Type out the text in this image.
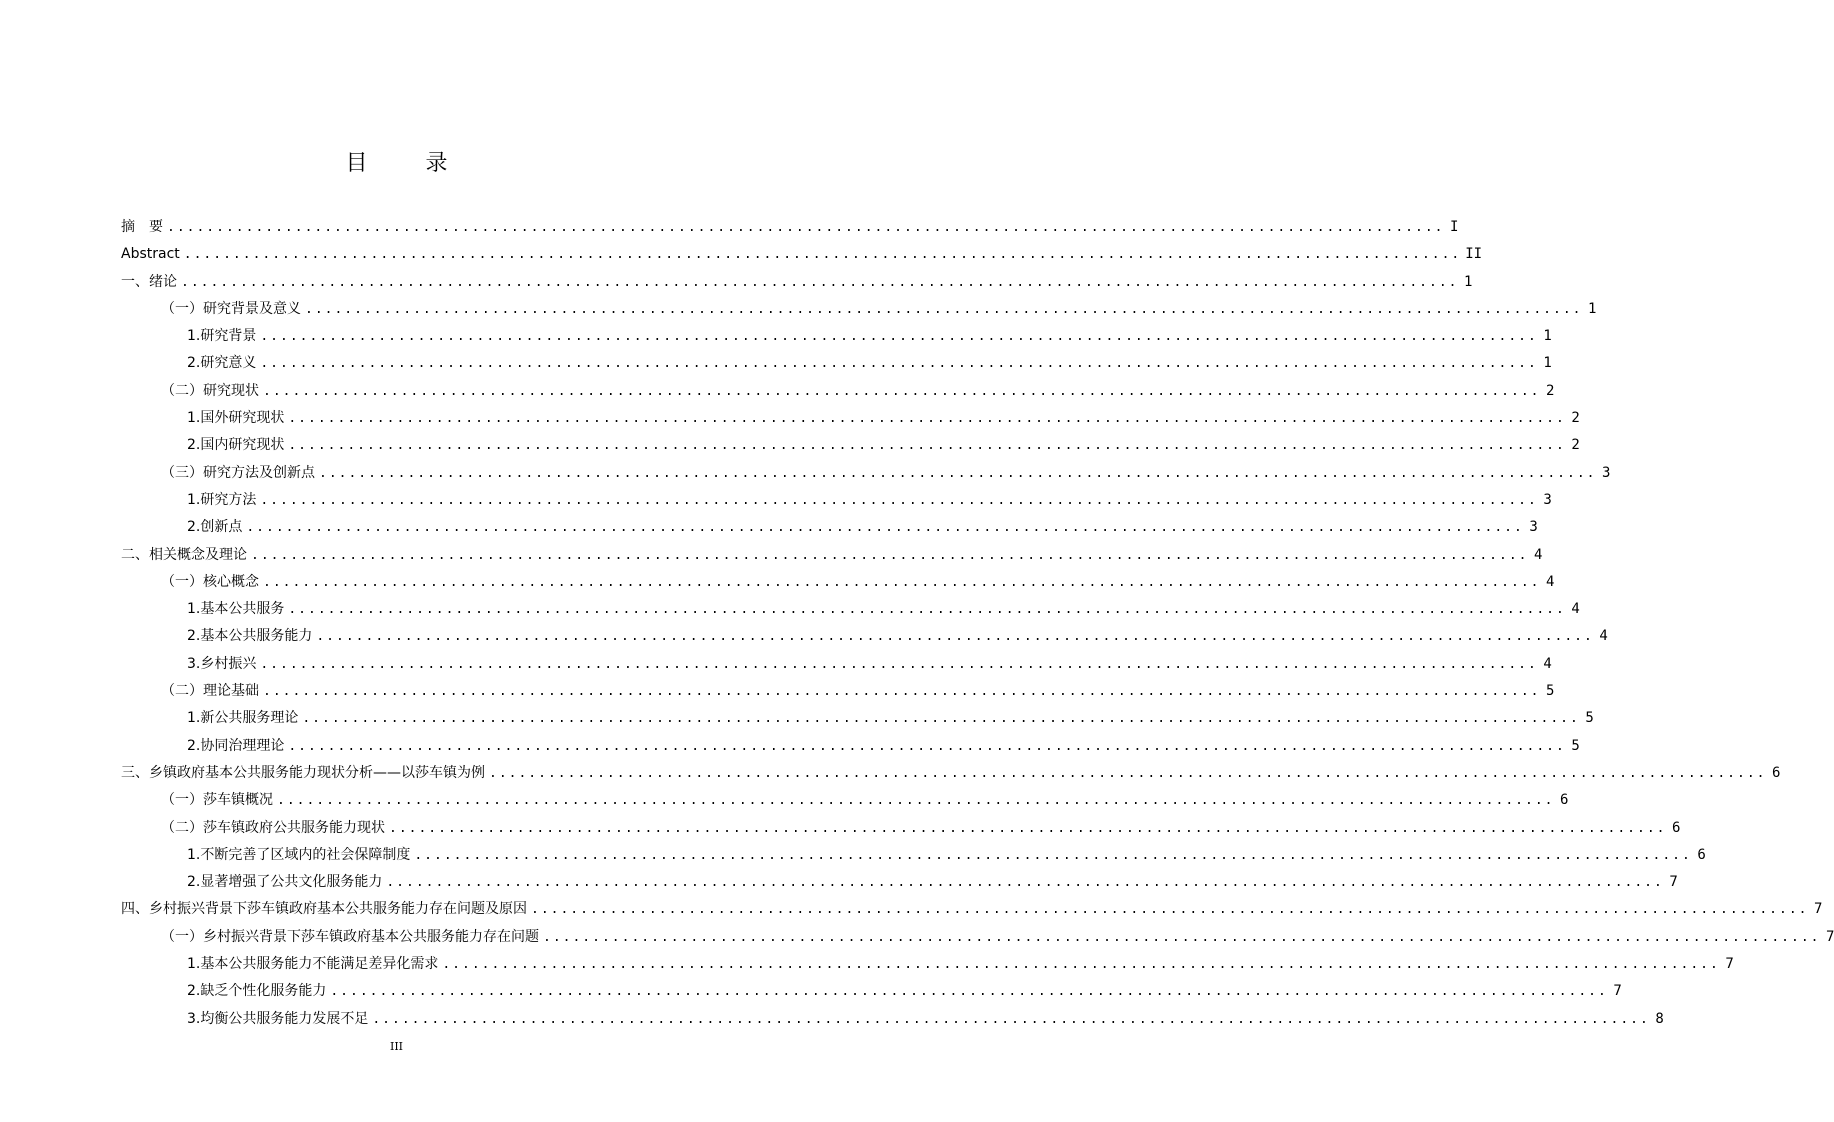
目　录
摘　要 .................................................................................................................................. I
Abstract .................................................................................................................................. II
一、绪论 .................................................................................................................................. 1
（一）研究背景及意义 .................................................................................................................................. 1
1.研究背景 .................................................................................................................................. 1
2.研究意义 .................................................................................................................................. 1
（二）研究现状 .................................................................................................................................. 2
1.国外研究现状 .................................................................................................................................. 2
2.国内研究现状 .................................................................................................................................. 2
（三）研究方法及创新点 .................................................................................................................................. 3
1.研究方法 .................................................................................................................................. 3
2.创新点 .................................................................................................................................. 3
二、相关概念及理论 .................................................................................................................................. 4
（一）核心概念 .................................................................................................................................. 4
1.基本公共服务 .................................................................................................................................. 4
2.基本公共服务能力 .................................................................................................................................. 4
3.乡村振兴 .................................................................................................................................. 4
（二）理论基础 .................................................................................................................................. 5
1.新公共服务理论 .................................................................................................................................. 5
2.协同治理理论 .................................................................................................................................. 5
三、乡镇政府基本公共服务能力现状分析——以莎车镇为例 .................................................................................................................................. 6
（一）莎车镇概况 .................................................................................................................................. 6
（二）莎车镇政府公共服务能力现状 .................................................................................................................................. 6
1.不断完善了区域内的社会保障制度 .................................................................................................................................. 6
2.显著增强了公共文化服务能力 .................................................................................................................................. 7
四、乡村振兴背景下莎车镇政府基本公共服务能力存在问题及原因 .................................................................................................................................. 7
（一）乡村振兴背景下莎车镇政府基本公共服务能力存在问题 .................................................................................................................................. 7
1.基本公共服务能力不能满足差异化需求 .................................................................................................................................. 7
2.缺乏个性化服务能力 .................................................................................................................................. 7
3.均衡公共服务能力发展不足 .................................................................................................................................. 8
III
